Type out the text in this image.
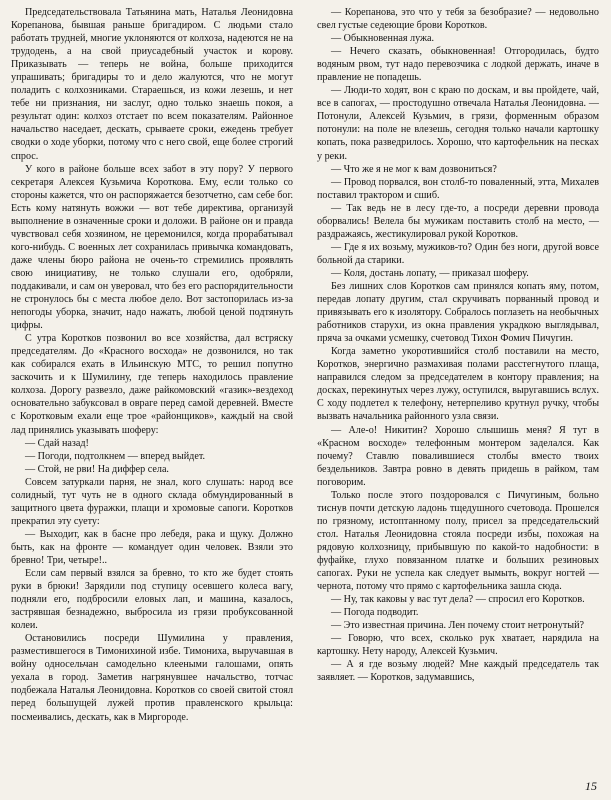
Председательствовала Татьянина мать, Наталья Леонидовна Корепанова, бывшая раньше бригадиром. С людьми стало работать трудней, многие уклоняются от колхоза, надеются не на трудодень, а на свой приусадебный участок и корову. Приказывать — теперь не война, больше приходится упрашивать; бригадиры то и дело жалуются, что не могут поладить с колхозниками. Стараешься, из кожи лезешь, и нет тебе ни признания, ни заслуг, одно только знаешь покоя, а результат один: колхоз отстает по всем показателям. Районное начальство наседает, дескать, срываете сроки, ежедень требует сводки о ходе уборки, потому что с него свой, еще более строгий спрос.

У кого в районе больше всех забот в эту пору? У первого секретаря Алексея Кузьмича Короткова. Ему, если только со стороны кажется, что он распоряжается безотчетно, сам себе бог. Есть кому натянуть вожжи — вот тебе директива, организуй выполнение в означенные сроки и доложи. В районе он и правда чувствовал себя хозяином, не церемонился, когда прорабатывал кого-нибудь. С военных лет сохранилась привычка командовать, даже члены бюро района не очень-то стремились проявлять свою инициативу, не только слушали его, одобряли, поддакивали, и сам он уверовал, что без его распорядительности не стронулось бы с места любое дело. Вот застопорилась из-за непогоды уборка, значит, надо нажать, любой ценой подтянуть цифры.

С утра Коротков позвонил во все хозяйства, дал встряску председателям. До «Красного восхода» не дозвонился, но так как собирался ехать в Ильинскую МТС, то решил попутно заскочить и к Шумилину, где теперь находилось правление колхоза. Дорогу развезло, даже райкомовский «газик»-вездеход основательно забуксовал в овраге перед самой деревней. Вместе с Коротковым ехали еще трое «районщиков», каждый на свой лад принялись указывать шоферу:

— Сдай назад!

— Погоди, подтолкнем — вперед выйдет.

— Стой, не рви! На диффер села.

Совсем затуркали парня, не знал, кого слушать: народ все солидный, тут чуть не в одного склада обмундированный в защитного цвета фуражки, плащи и хромовые сапоги. Коротков прекратил эту суету:

— Выходит, как в басне про лебедя, рака и щуку. Должно быть, как на фронте — командует один человек. Взяли это бревно! Три, четыре!..

Если сам первый взялся за бревно, то кто же будет стоять руки в брюки! Зарядили под ступицу осевшего колеса вагу, подняли его, подбросили еловых лап, и машина, казалось, застрявшая безнадежно, выбросила из грязи пробуксованной колеи.

Остановились посреди Шумилина у правления, разместившегося в Тимонихиной избе. Тимониха, выручавшая в войну односельчан самодельно клееными галошами, опять уехала в город. Заметив нагрянувшее начальство, тотчас подбежала Наталья Леонидовна. Коротков со своей свитой стоял перед большущей лужей против правленского крыльца: посмеивались, дескать, как в Миргороде.

— Корепанова, это что у тебя за безобразие? — недовольно свел густые седеющие брови Коротков.

— Обыкновенная лужа.

— Нечего сказать, обыкновенная! Отгородилась, будто водяным рвом, тут надо перевозчика с лодкой держать, иначе в правление не попадешь.

— Люди-то ходят, вон с краю по доскам, и вы пройдете, чай, все в сапогах, — простодушно отвечала Наталья Леонидовна. — Потонули, Алексей Кузьмич, в грязи, форменным образом потонули: на поле не влезешь, сегодня только начали картошку копать, пока разведрилось. Хорошо, что картофельник на песках у реки.

— Что же я не мог к вам дозвониться?

— Провод порвался, вон столб-то поваленный, эттa, Михалев поставил трактором и сшиб.

— Так ведь не в лесу где-то, а посреди деревни провода оборвались! Велела бы мужикам поставить столб на место, — раздражаясь, жестикулировал рукой Коротков.

— Где я их возьму, мужиков-то? Один без ноги, другой вовсе больной да старики.

— Коля, достань лопату, — приказал шоферу.

Без лишних слов Коротков сам принялся копать яму, потом, передав лопату другим, стал скручивать порванный провод и привязывать его к изолятору. Собралось поглазеть на необычных работников старухи, из окна правления украдкою выглядывал, пряча за очками усмешку, счетовод Тихон Фомич Пичугин.

Когда заметно укоротившийся столб поставили на место, Коротков, энергично размахивая полами расстегнутого плаща, направился следом за председателем в контору правления; на досках, перекинутых через лужу, оступился, выругавшись вслух. С ходу подлетел к телефону, нетерпеливо крутнул ручку, чтобы вызвать начальника районного узла связи.

— Але-о! Никитин? Хорошо слышишь меня? Я тут в «Красном восходе» телефонным монтером заделался. Как почему? Ставлю повалившиеся столбы вместо твоих бездельников. Завтра ровно в девять придешь в райком, там поговорим.

Только после этого поздоровался с Пичугиным, больно тиснув почти детскую ладонь тщедушного счетовода. Прошелся по грязному, истоптанному полу, присел за председательский стол. Наталья Леонидовна стояла посреди избы, похожая на рядовую колхозницу, прибывшую по какой-то надобности: в фуфайке, глухо повязанном платке и больших резиновых сапогах. Руки не успела как следует вымыть, вокруг ногтей — чернота, потому что прямо с картофельника зашла сюда.

— Ну, так каковы у вас тут дела? — спросил его Коротков.

— Погода подводит.

— Это известная причина. Лен почему стоит нетронутый?

— Говорю, что всех, сколько рук хватает, нарядила на картошку. Нету народу, Алексей Кузьмич.

— А я где возьму людей? Мне каждый председатель так заявляет. — Коротков, задумавшись,

15
